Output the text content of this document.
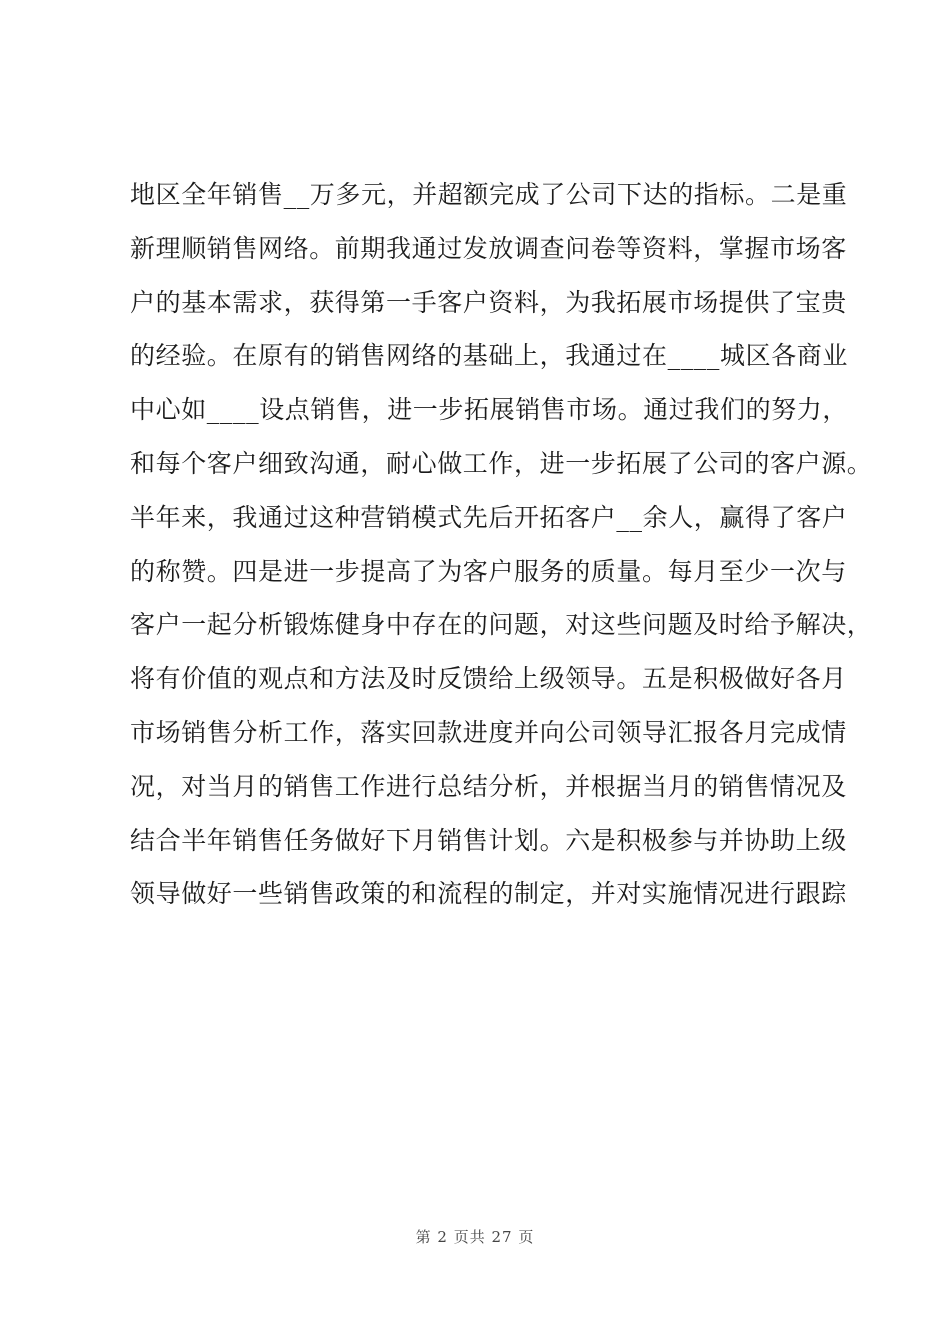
地区全年销售__万多元，并超额完成了公司下达的指标。二是重
新理顺销售网络。前期我通过发放调查问卷等资料，掌握市场客
户的基本需求，获得第一手客户资料，为我拓展市场提供了宝贵
的经验。在原有的销售网络的基础上，我通过在____城区各商业
中心如____设点销售，进一步拓展销售市场。通过我们的努力，
和每个客户细致沟通，耐心做工作，进一步拓展了公司的客户源。
半年来，我通过这种营销模式先后开拓客户__余人，赢得了客户
的称赞。四是进一步提高了为客户服务的质量。每月至少一次与
客户一起分析锻炼健身中存在的问题，对这些问题及时给予解决，
将有价值的观点和方法及时反馈给上级领导。五是积极做好各月
市场销售分析工作，落实回款进度并向公司领导汇报各月完成情
况，对当月的销售工作进行总结分析，并根据当月的销售情况及
结合半年销售任务做好下月销售计划。六是积极参与并协助上级
领导做好一些销售政策的和流程的制定，并对实施情况进行跟踪
第 2 页共 27 页
